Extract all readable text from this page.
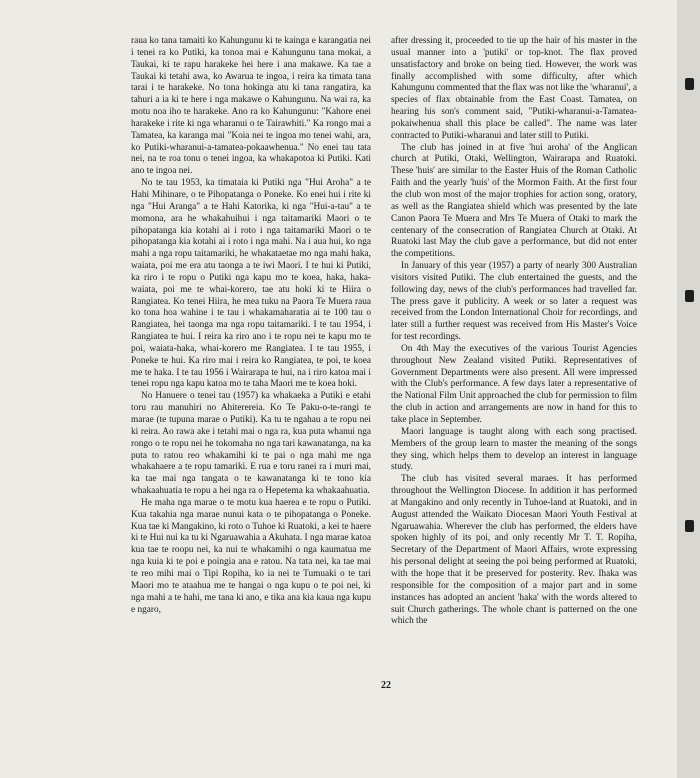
raua ko tana tamaiti ko Kahungunu ki te kainga e karangatia nei i tenei ra ko Putiki, ka tonoa mai e Kahungunu tana mokai, a Taukai, ki te rapu harakeke hei here i ana makawe. Ka tae a Taukai ki tetahi awa, ko Awarua te ingoa, i reira ka timata tana tarai i te harakeke. No tona hokinga atu ki tana rangatira, ka tahuri a ia ki te here i nga makawe o Kahungunu. Na wai ra, ka motu noa iho te harakeke. Ano ra ko Kahungunu: "Kahore enei harakeke i rite ki nga wharanui o te Tairawhiti." Ka rongo mai a Tamatea, ka karanga mai "Koia nei te ingoa mo tenei wahi, ara, ko Putiki-wharanui-a-tamatea-pokaawhenua." No enei tau tata nei, na te roa tonu o tenei ingoa, ka whakapotoa ki Putiki. Kati ano te ingoa nei.

No te tau 1953, ka timataia ki Putiki nga "Hui Aroha" a te Hahi Mihinare, o te Pihopatanga o Poneke. Ko enei hui i rite ki nga "Hui Aranga" a te Hahi Katorika, ki nga "Hui-a-tau" a te momona, ara he whakahuihui i nga taitamariki Maori o te pihopatanga kia kotahi ai i roto i nga taitamariki Maori o te pihopatanga kia kotahi ai i roto i nga mahi. Na i aua hui, ko nga mahi a nga ropu taitamariki, he whakataetae mo nga mahi haka, waiata, poi me era atu taonga a te iwi Maori. I te hui ki Putiki, ka riro i te ropu o Putiki nga kapu mo te koea, haka, haka-waiata, poi me te whai-korero, tae atu hoki ki te Hiira o Rangiatea. Ko tenei Hiira, he mea tuku na Paora Te Muera raua ko tona hoa wahine i te tau i whakamaharatia ai te 100 tau o Rangiatea, hei taonga ma nga ropu taitamariki. I te tau 1954, i Rangiatea te hui. I reira ka riro ano i te ropu nei te kapu mo te poi, waiata-haka, whai-korero me Rangiatea. I te tau 1955, i Poneke te hui. Ka riro mai i reira ko Rangiatea, te poi, te koea me te haka. I te tau 1956 i Wairarapa te hui, na i riro katoa mai i tenei ropu nga kapu katoa mo te taha Maori me te koea hoki.

No Hanuere o tenei tau (1957) ka whakaeka a Putiki e etahi toru rau manuhiri no Ahiterereia. Ko Te Paku-o-te-rangi te marae (te tupuna marae o Putiki). Ka tu te ngahau a te ropu nei ki reira. Ao rawa ake i tetahi mai o nga ra, kua puta whanui nga rongo o te ropu nei he tokomaha no nga tari kawanatanga, na ka puta to ratou reo whakamihi ki te pai o nga mahi me nga whakahaere a te ropu tamariki. E rua e toru ranei ra i muri mai, ka tae mai nga tangata o te kawanatanga ki te tono kia whakaahuatia te ropu a hei nga ra o Hepetema ka whakaahuatia.

He maha nga marae o te motu kua haerea e te ropu o Putiki. Kua takahia nga marae nunui kata o te pihopatanga o Poneke. Kua tae ki Mangakino, ki roto o Tuhoe ki Ruatoki, a kei te haere ki te Hui nui ka tu ki Ngaruawahia a Akuhata. I nga marae katoa kua tae te roopu nei, ka nui te whakamihi o nga kaumatua me nga kuia ki te poi e poingia ana e ratou. Na tata nei, ka tae mai te reo mihi mai o Tipi Ropiha, ko ia nei te Tumuaki o te tari Maori mo te ataahua me te hangai o nga kupu o te poi nei, ki nga mahi a te hahi, me tana ki ano, e tika ana kia kaua nga kupu e ngaro,

after dressing it, proceeded to tie up the hair of his master in the usual manner into a 'putiki' or top-knot. The flax proved unsatisfactory and broke on being tied. However, the work was finally accomplished with some difficulty, after which Kahungunu commented that the flax was not like the 'wharanui', a species of flax obtainable from the East Coast. Tamatea, on hearing his son's comment said, "Putiki-wharanui-a-Tamatea-pokaiwhenua shall this place be called". The name was later contracted to Putiki-wharanui and later still to Putiki.

The club has joined in at five 'hui aroha' of the Anglican church at Putiki, Otaki, Wellington, Wairarapa and Ruatoki. These 'huis' are similar to the Easter Huis of the Roman Catholic Faith and the yearly 'huis' of the Mormon Faith. At the first four the club won most of the major trophies for action song, oratory, as well as the Rangiatea shield which was presented by the late Canon Paora Te Muera and Mrs Te Muera of Otaki to mark the centenary of the consecration of Rangiatea Church at Otaki. At Ruatoki last May the club gave a performance, but did not enter the competitions.

In January of this year (1957) a party of nearly 300 Australian visitors visited Putiki. The club entertained the guests, and the following day, news of the club's performances had travelled far. The press gave it publicity. A week or so later a request was received from the London International Choir for recordings, and later still a further request was received from His Master's Voice for test recordings.

On 4th May the executives of the various Tourist Agencies throughout New Zealand visited Putiki. Representatives of Government Departments were also present. All were impressed with the Club's performance. A few days later a representative of the National Film Unit approached the club for permission to film the club in action and arrangements are now in hand for this to take place in September.

Maori language is taught along with each song practised. Members of the group learn to master the meaning of the songs they sing, which helps them to develop an interest in language study.

The club has visited several maraes. It has performed throughout the Wellington Diocese. In addition it has performed at Mangakino and only recently in Tuhoe-land at Ruatoki, and in August attended the Waikato Diocesan Maori Youth Festival at Ngaruawahia. Wherever the club has performed, the elders have spoken highly of its poi, and only recently Mr T. T. Ropiha, Secretary of the Department of Maori Affairs, wrote expressing his personal delight at seeing the poi being performed at Ruatoki, with the hope that it be preserved for posterity. Rev. Ihaka was responsible for the composition of a major part and in some instances has adopted an ancient 'haka' with the words altered to suit Church gatherings. The whole chant is patterned on the one which the

22
